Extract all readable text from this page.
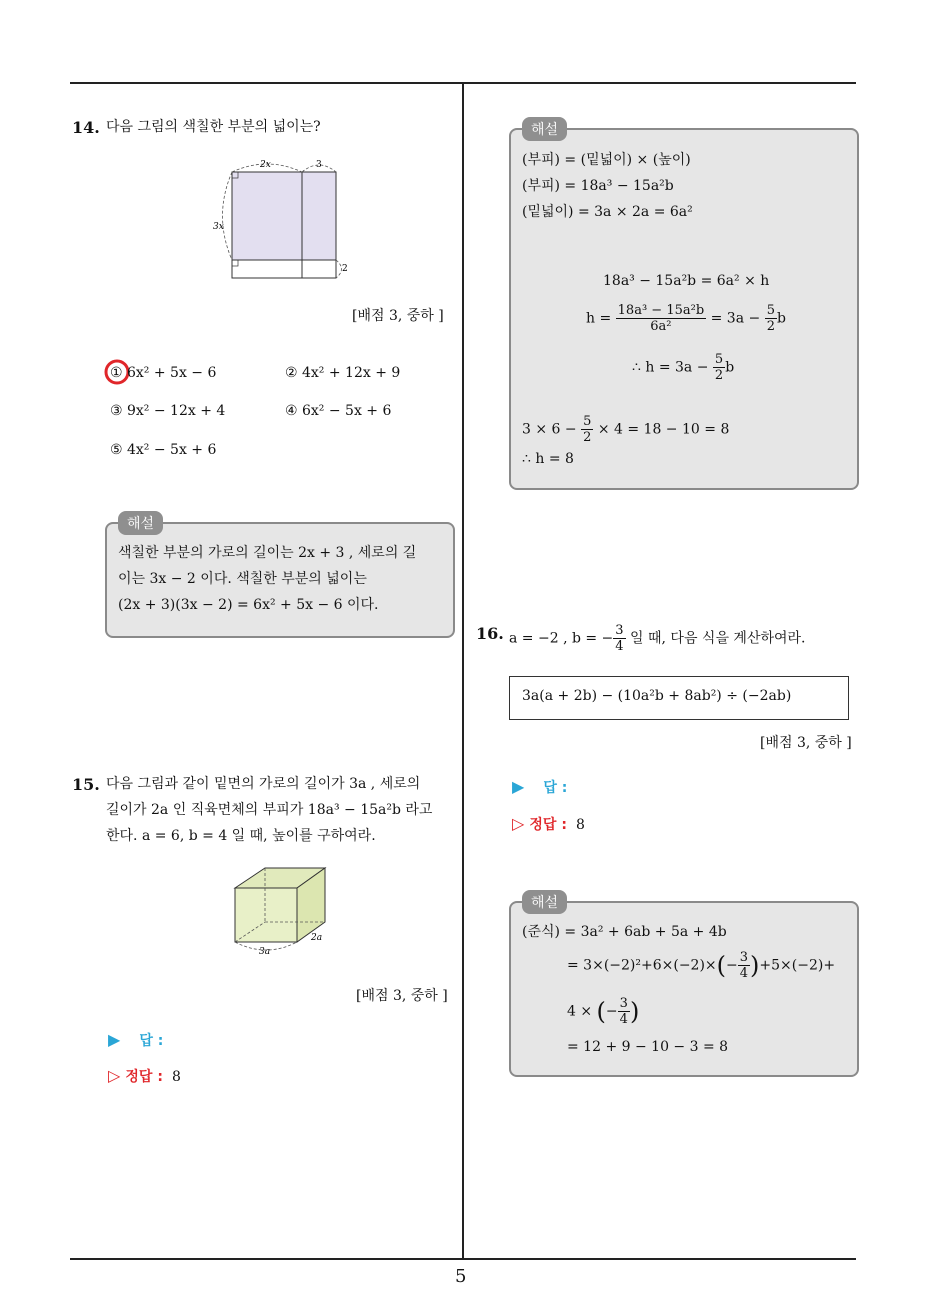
5
14. 다음 그림의 색칠한 부분의 넓이는?
2x	3
3x
2
[배점 3, 중하 ]
① 6x² + 5x − 6	② 4x² + 12x + 9
③ 9x² − 12x + 4	④ 6x² − 5x + 6
⑤ 4x² − 5x + 6
해설
색칠한 부분의 가로의 길이는 2x + 3 , 세로의 길
이는 3x − 2 이다. 색칠한 부분의 넓이는
(2x + 3)(3x − 2) = 6x² + 5x − 6 이다.
15. 다음 그림과 같이 밑면의 가로의 길이가 3a , 세로의
길이가 2a 인 직육면체의 부피가 18a³ − 15a²b 라고
한다. a = 6, b = 4 일 때, 높이를 구하여라.
3a
2a
[배점 3, 중하 ]
▶ 답 :
▷ 정답 : 8
해설
(부피) = (밑넓이) × (높이)
(부피) = 18a³ − 15a²b
(밑넓이) = 3a × 2a = 6a²
18a³ − 15a²b = 6a² × h
$h = \frac{\text{18a³ − 15a²b}}{\text{6a²}} = 3a - \frac{5}{2}$ b
∴ $h = 3a - \frac{5}{2}$ b
$3 \times 6 - \frac{5}{2} \times 4 = 18 - 10 = 8$
∴ h = 8
16. a = −2 , b = − $\frac{3}{4}$ 일 때, 다음 식을 계산하여라.
3a(a + 2b) − (10a²b + 8ab²) ÷ (−2ab)
[배점 3, 중하 ]
▶ 답 :
▷ 정답 : 8
해설
(준식) = 3a² + 6ab + 5a + 4b
= $3\times(-2)^2+6\times(-2)\times(- \frac{3}{4} )+5\times(-2)+$
4 × (− $\frac{3}{4}$ )
= 12 + 9 − 10 − 3 = 8
